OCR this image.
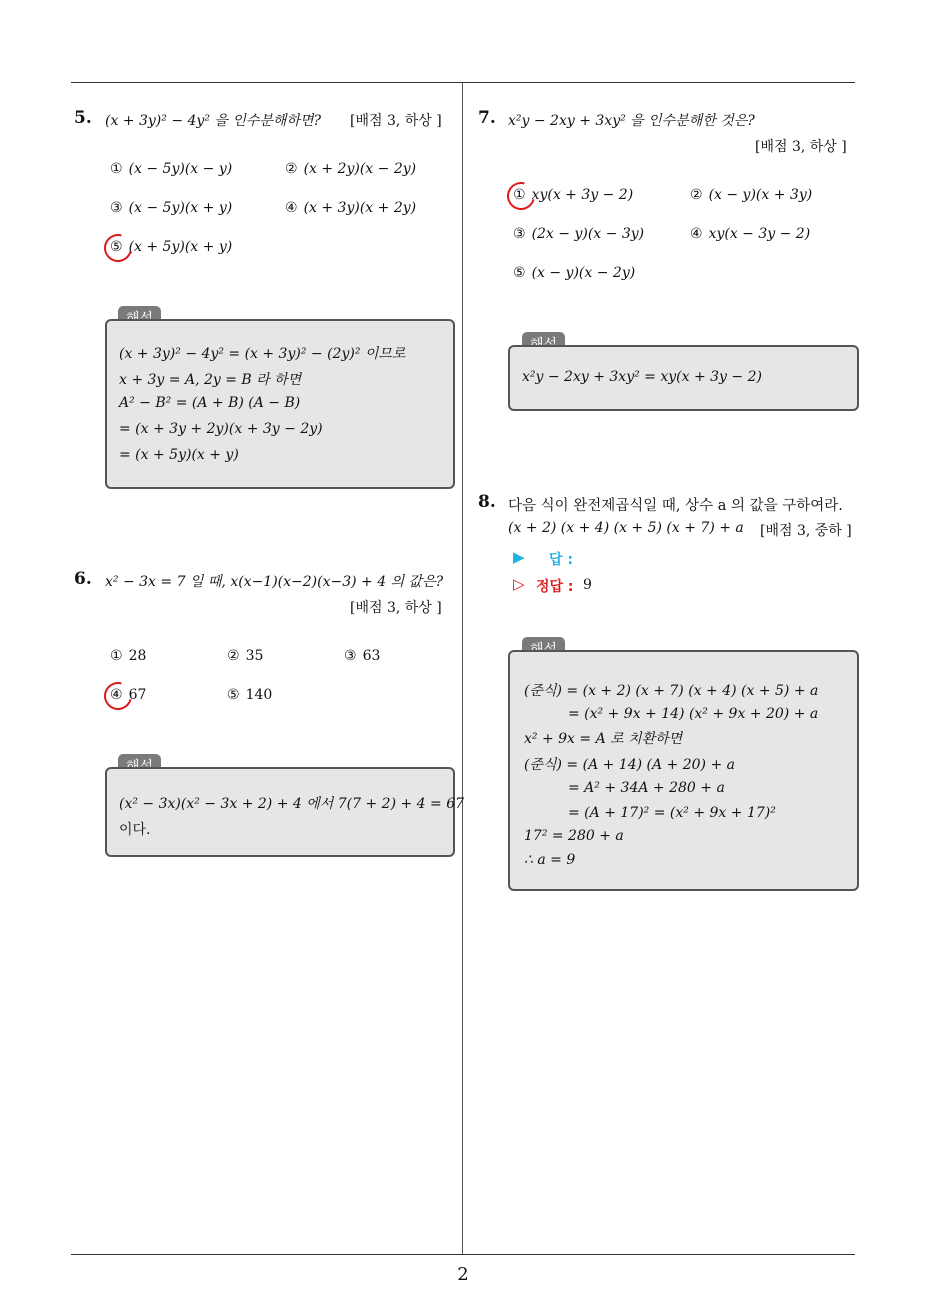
2
5. (x + 3y)² − 4y² 을 인수분해하면? [배점 3, 하상 ]
① (x − 5y)(x − y)	② (x + 2y)(x − 2y)
③ (x − 5y)(x + y)	④ (x + 3y)(x + 2y)
⑤ (x + 5y)(x + y)
(x + 3y)² − 4y² = (x + 3y)² − (2y)² 이므로
x + 3y = A, 2y = B 라 하면
A² − B² = (A + B) (A − B)
= (x + 3y + 2y)(x + 3y − 2y)
= (x + 5y)(x + y)
6. x² − 3x = 7 일 때, x(x−1)(x−2)(x−3) + 4 의 값은?
[배점 3, 하상 ]
① 28	② 35	③ 63
④ 67	⑤ 140
(x² − 3x)(x² − 3x + 2) + 4 에서 7(7 + 2) + 4 = 67
이다.
7. x²y − 2xy + 3xy² 을 인수분해한 것은?
[배점 3, 하상 ]
① xy(x + 3y − 2)	② (x − y)(x + 3y)
③ (2x − y)(x − 3y)	④ xy(x − 3y − 2)
⑤ (x − y)(x − 2y)
x²y − 2xy + 3xy² = xy(x + 3y − 2)
8. 다음 식이 완전제곱식일 때, 상수 a 의 값을 구하여라.
(x + 2) (x + 4) (x + 5) (x + 7) + a [배점 3, 중하 ]
▶ 답 :
▷ 정답 : 9
(준식) = (x + 2) (x + 7) (x + 4) (x + 5) + a
= (x² + 9x + 14) (x² + 9x + 20) + a
x² + 9x = A 로 치환하면
(준식) = (A + 14) (A + 20) + a
= A² + 34A + 280 + a
= (A + 17)² = (x² + 9x + 17)²
17² = 280 + a
∴ a = 9
